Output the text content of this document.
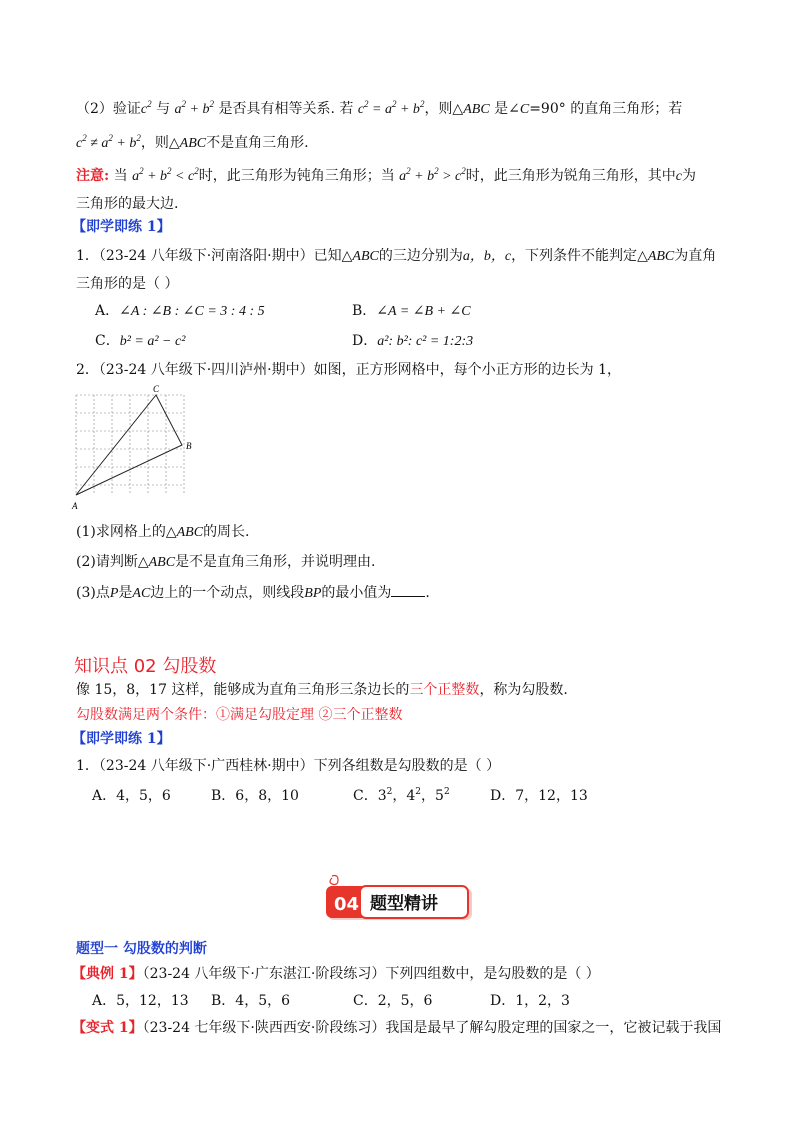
（2）验证$c^2$ 与 $a^2 + b^2$ 是否具有相等关系. 若 $c^2 = a^2 + b^2$，则△ABC 是∠C=90° 的直角三角形；若
$c^2 \ne a^2 + b^2$，则△ABC不是直角三角形.
注意: 当 $a^2 + b^2 < c^2$时，此三角形为钝角三角形；当 $a^2 + b^2 > c^2$时，此三角形为锐角三角形，其中c为
三角形的最大边.
【即学即练 1】
1．（23-24 八年级下·河南洛阳·期中）已知△ABC的三边分别为a，b，c，下列条件不能判定△ABC为直角
三角形的是（ ）
A．∠A : ∠B : ∠C = 3 : 4 : 5	B．∠A = ∠B + ∠C
C．b² = a² − c²	D．a²: b²: c² = 1:2:3
2．（23-24 八年级下·四川泸州·期中）如图，正方形网格中，每个小正方形的边长为 1，
C
B
A
(1)求网格上的△ABC的周长.
(2)请判断△ABC是不是直角三角形，并说明理由.
(3)点P是AC边上的一个动点，则线段BP的最小值为 .
知识点 02 勾股数
像 15，8，17 这样，能够成为直角三角形三条边长的三个正整数，称为勾股数.
勾股数满足两个条件：①满足勾股定理 ②三个正整数
【即学即练 1】
1．（23-24 八年级下·广西桂林·期中）下列各组数是勾股数的是（ ）
A．4，5，6	B．6，8，10	C．$3^2$，$4^2$，$5^2$	D．7，12，13
04 题型精讲
题型一 勾股数的判断
【典例 1】（23-24 八年级下·广东湛江·阶段练习）下列四组数中，是勾股数的是（ ）
A．5，12，13 B．4，5，6	C．2，5，6	D．1，2，3
【变式 1】（23-24 七年级下·陕西西安·阶段练习）我国是最早了解勾股定理的国家之一，它被记载于我国
